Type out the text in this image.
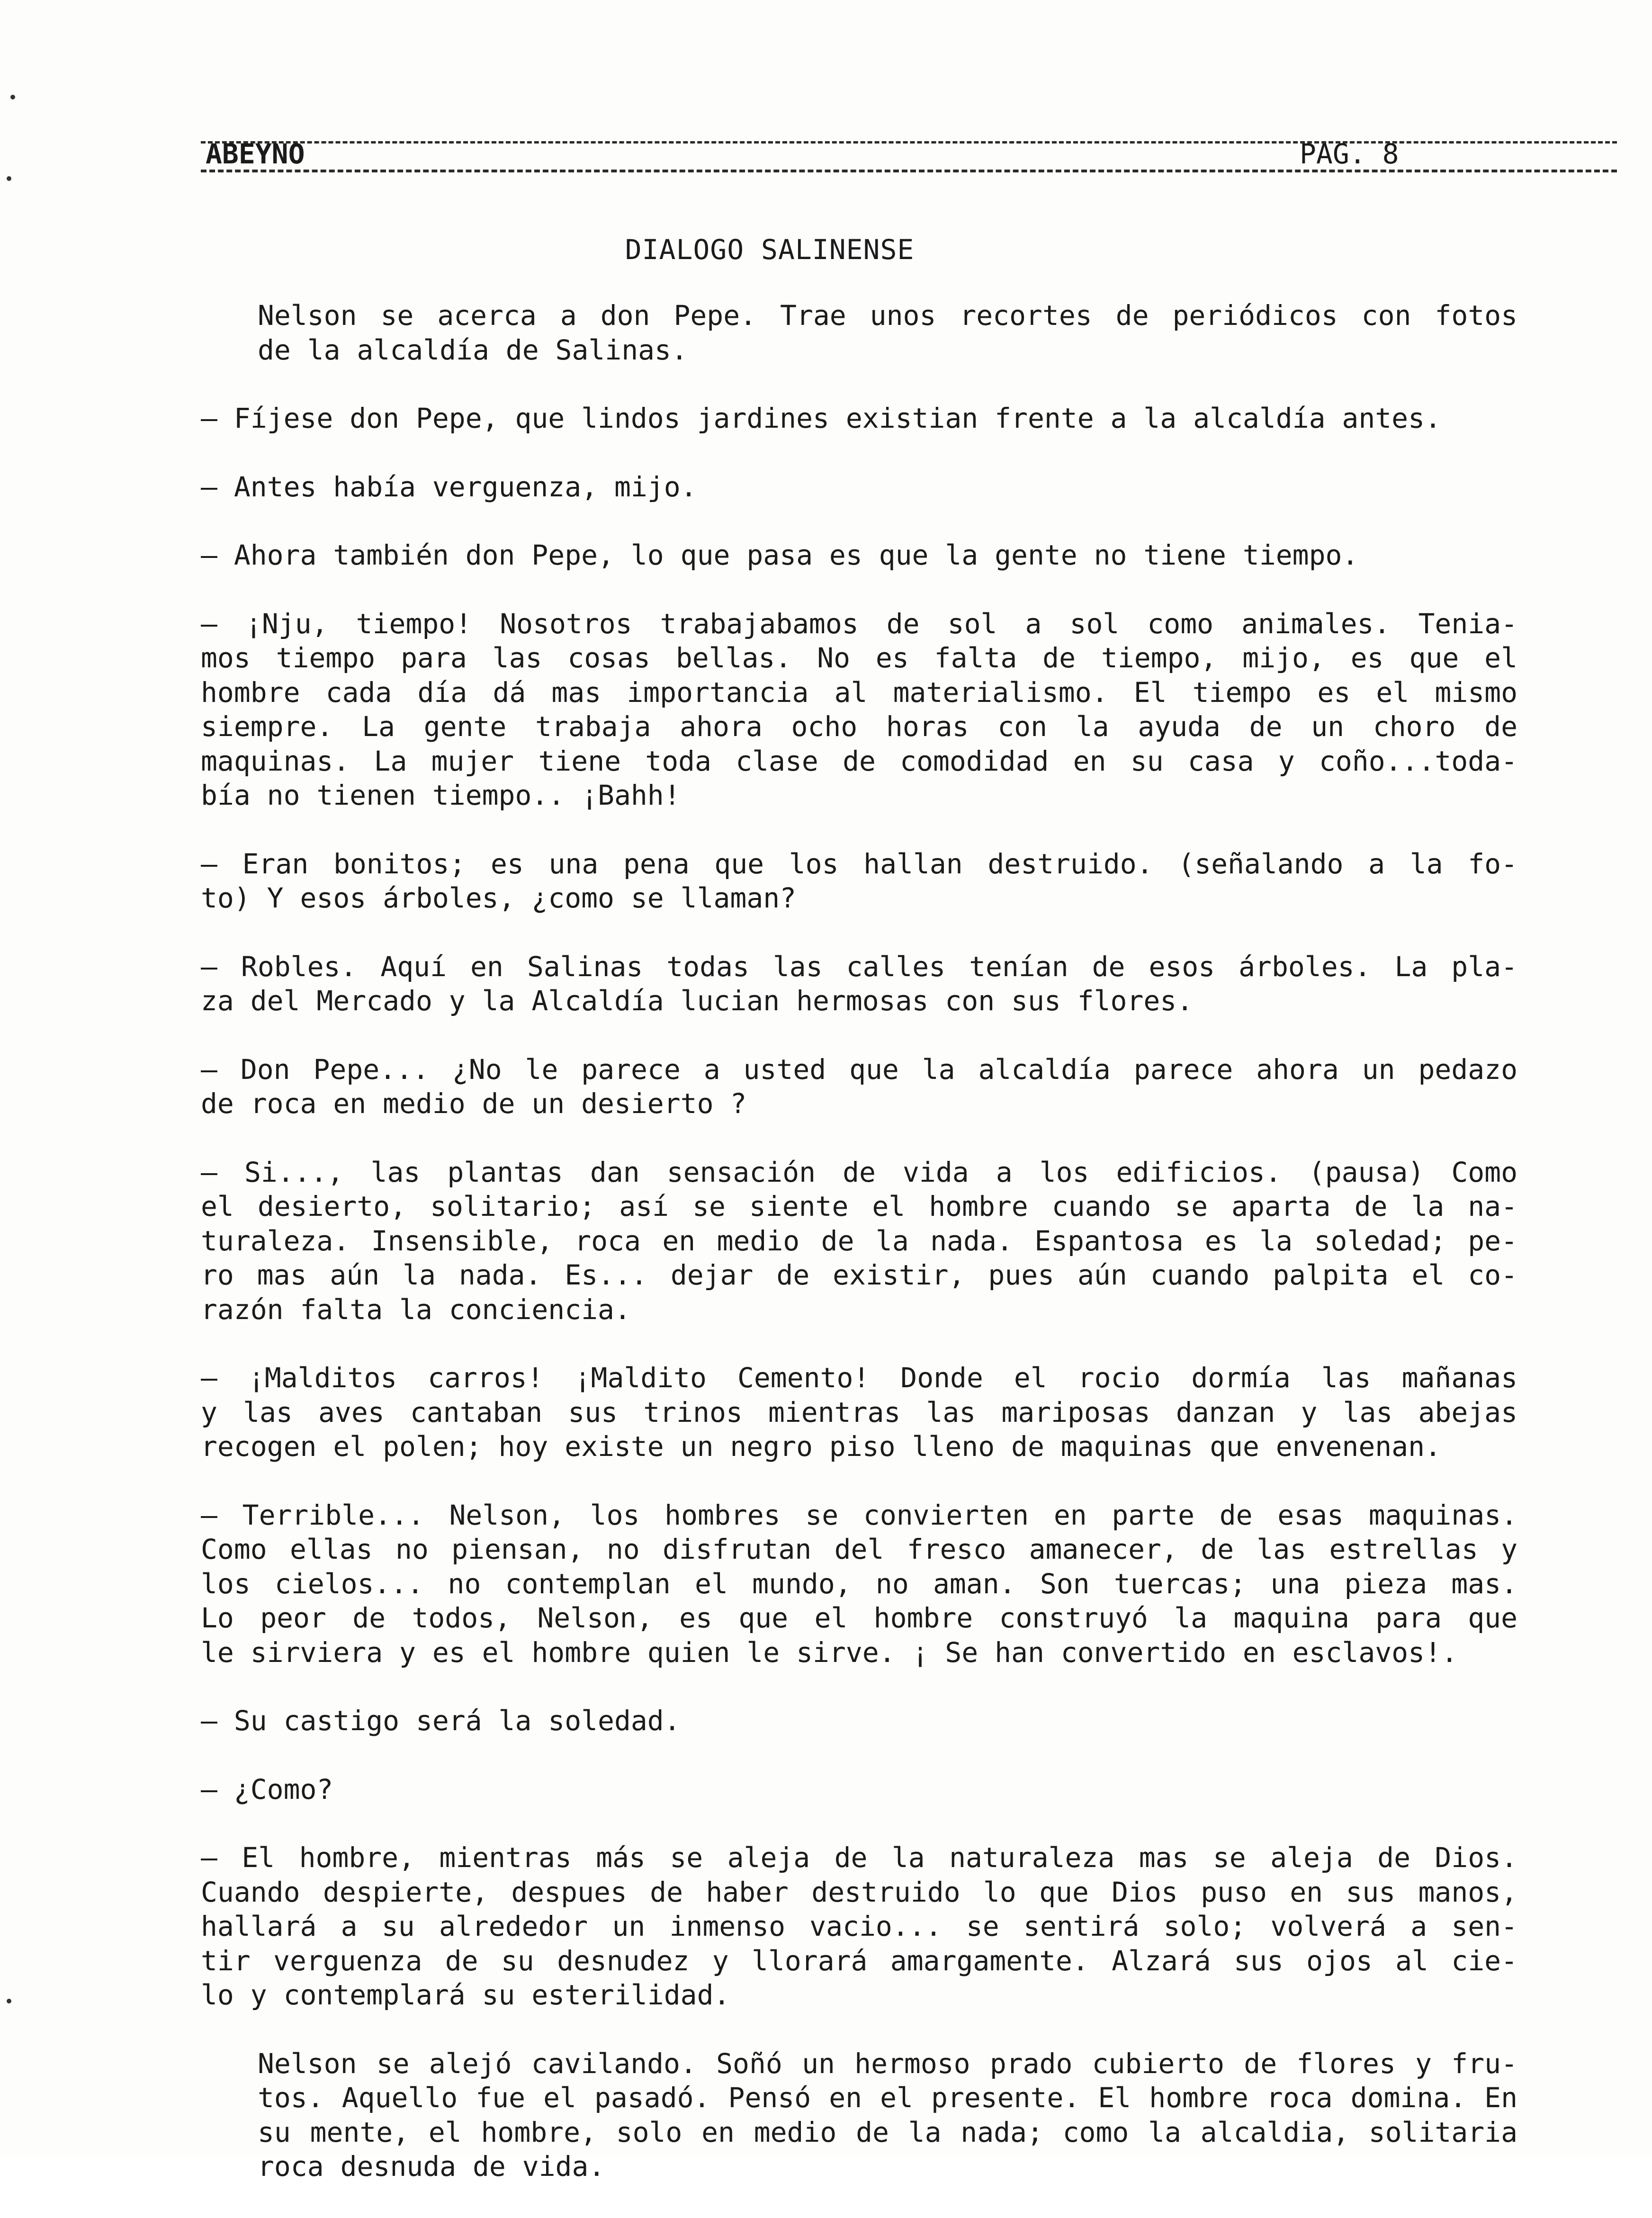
ABEYNO	PAG. 8
DIALOGO SALINENSE
Nelson se acerca a don Pepe. Trae unos recortes de periódicos con fotos
de la alcaldía de Salinas.
— Fíjese don Pepe, que lindos jardines existian frente a la alcaldía antes.
— Antes había verguenza, mijo.
— Ahora también don Pepe, lo que pasa es que la gente no tiene tiempo.
— ¡Nju, tiempo! Nosotros trabajabamos de sol a sol como animales. Tenia-
mos tiempo para las cosas bellas. No es falta de tiempo, mijo, es que el
hombre cada día dá mas importancia al materialismo. El tiempo es el mismo
siempre. La gente trabaja ahora ocho horas con la ayuda de un choro de
maquinas. La mujer tiene toda clase de comodidad en su casa y coño...toda-
bía no tienen tiempo.. ¡Bahh!
— Eran bonitos; es una pena que los hallan destruido. (señalando a la fo-
to) Y esos árboles, ¿como se llaman?
— Robles. Aquí en Salinas todas las calles tenían de esos árboles. La pla-
za del Mercado y la Alcaldía lucian hermosas con sus flores.
— Don Pepe... ¿No le parece a usted que la alcaldía parece ahora un pedazo
de roca en medio de un desierto ?
— Si..., las plantas dan sensación de vida a los edificios. (pausa) Como
el desierto, solitario; así se siente el hombre cuando se aparta de la na-
turaleza. Insensible, roca en medio de la nada. Espantosa es la soledad; pe-
ro mas aún la nada. Es... dejar de existir, pues aún cuando palpita el co-
razón falta la conciencia.
— ¡Malditos carros! ¡Maldito Cemento! Donde el rocio dormía las mañanas
y las aves cantaban sus trinos mientras las mariposas danzan y las abejas
recogen el polen; hoy existe un negro piso lleno de maquinas que envenenan.
— Terrible... Nelson, los hombres se convierten en parte de esas maquinas.
Como ellas no piensan, no disfrutan del fresco amanecer, de las estrellas y
los cielos... no contemplan el mundo, no aman. Son tuercas; una pieza mas.
Lo peor de todos, Nelson, es que el hombre construyó la maquina para que
le sirviera y es el hombre quien le sirve. ¡ Se han convertido en esclavos!.
— Su castigo será la soledad.
— ¿Como?
— El hombre, mientras más se aleja de la naturaleza mas se aleja de Dios.
Cuando despierte, despues de haber destruido lo que Dios puso en sus manos,
hallará a su alrededor un inmenso vacio... se sentirá solo; volverá a sen-
tir verguenza de su desnudez y llorará amargamente. Alzará sus ojos al cie-
lo y contemplará su esterilidad.
Nelson se alejó cavilando. Soñó un hermoso prado cubierto de flores y fru-
tos. Aquello fue el pasadó. Pensó en el presente. El hombre roca domina. En
su mente, el hombre, solo en medio de la nada; como la alcaldia, solitaria
roca desnuda de vida.
